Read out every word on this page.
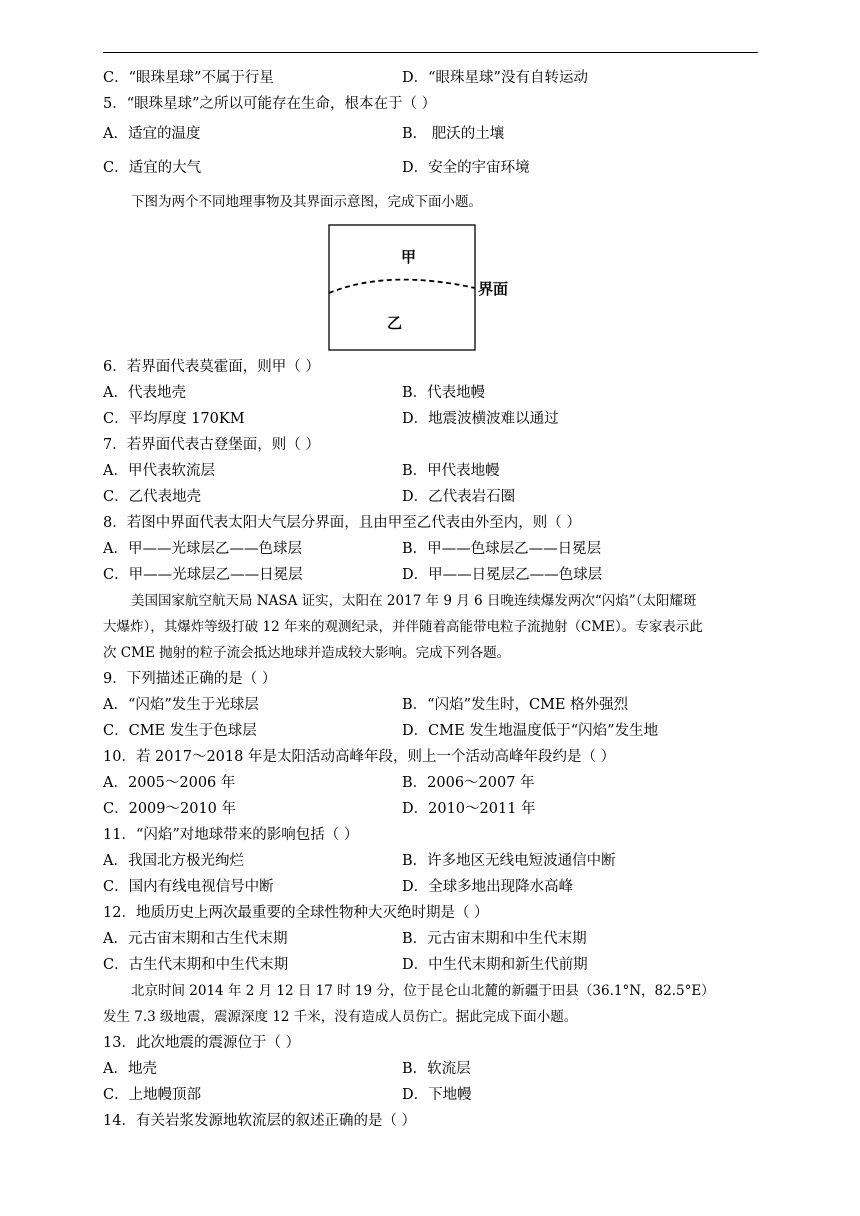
C．“眼珠星球”不属于行星	D．“眼珠星球”没有自转运动
5．“眼珠星球”之所以可能存在生命，根本在于（ ）
A．适宜的温度	B． 肥沃的土壤
C．适宜的大气	D．安全的宇宙环境
下图为两个不同地理事物及其界面示意图，完成下面小题。
甲
乙
界面
6．若界面代表莫霍面，则甲（ ）
A．代表地壳	B．代表地幔
C．平均厚度 170KM	D．地震波横波难以通过
7．若界面代表古登堡面，则（ ）
A．甲代表软流层	B．甲代表地幔
C．乙代表地壳	D．乙代表岩石圈
8．若图中界面代表太阳大气层分界面，且由甲至乙代表由外至内，则（ ）
A．甲——光球层乙——色球层	B．甲——色球层乙——日冕层
C．甲——光球层乙——日冕层	D．甲——日冕层乙——色球层
美国国家航空航天局 NASA 证实，太阳在 2017 年 9 月 6 日晚连续爆发两次“闪焰”（太阳耀斑
大爆炸），其爆炸等级打破 12 年来的观测纪录，并伴随着高能带电粒子流抛射（CME）。专家表示此
次 CME 抛射的粒子流会抵达地球并造成较大影响。完成下列各题。
9．下列描述正确的是（ ）
A．“闪焰”发生于光球层	B．“闪焰”发生时，CME 格外强烈
C．CME 发生于色球层	D．CME 发生地温度低于“闪焰”发生地
10．若 2017～2018 年是太阳活动高峰年段，则上一个活动高峰年段约是（ ）
A．2005～2006 年	B．2006～2007 年
C．2009～2010 年	D．2010～2011 年
11．“闪焰”对地球带来的影响包括（ ）
A．我国北方极光绚烂	B．许多地区无线电短波通信中断
C．国内有线电视信号中断	D．全球多地出现降水高峰
12．地质历史上两次最重要的全球性物种大灭绝时期是（ ）
A．元古宙末期和古生代末期	B．元古宙末期和中生代末期
C．古生代末期和中生代末期	D．中生代末期和新生代前期
北京时间 2014 年 2 月 12 日 17 时 19 分，位于昆仑山北麓的新疆于田县（36.1°N，82.5°E）
发生 7.3 级地震，震源深度 12 千米，没有造成人员伤亡。据此完成下面小题。
13．此次地震的震源位于（ ）
A．地壳	B．软流层
C．上地幔顶部	D．下地幔
14．有关岩浆发源地软流层的叙述正确的是（ ）
